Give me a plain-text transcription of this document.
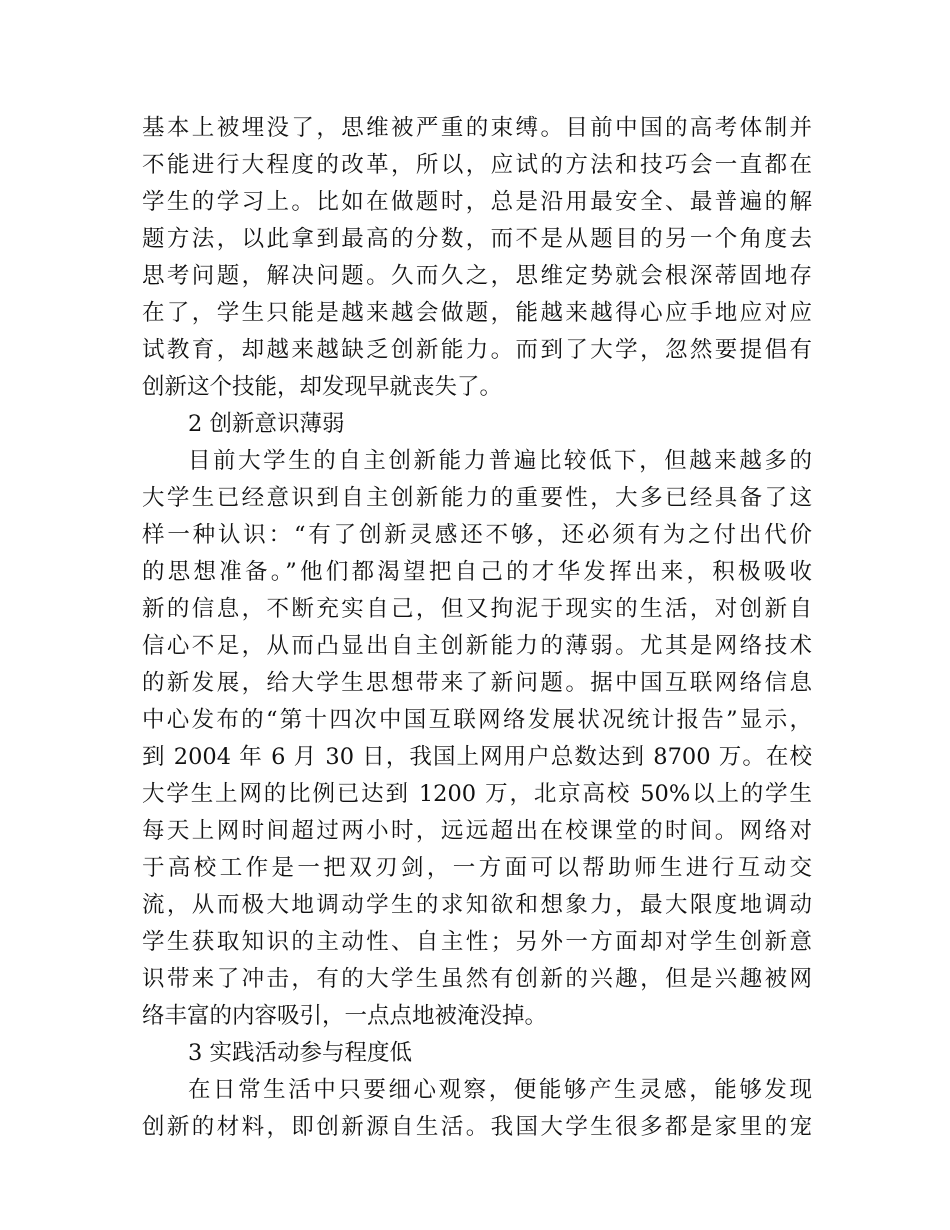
基本上被埋没了，思维被严重的束缚。目前中国的高考体制并
不能进行大程度的改革，所以，应试的方法和技巧会一直都在
学生的学习上。比如在做题时，总是沿用最安全、最普遍的解
题方法，以此拿到最高的分数，而不是从题目的另一个角度去
思考问题，解决问题。久而久之，思维定势就会根深蒂固地存
在了，学生只能是越来越会做题，能越来越得心应手地应对应
试教育，却越来越缺乏创新能力。而到了大学，忽然要提倡有
创新这个技能，却发现早就丧失了。
2 创新意识薄弱
目前大学生的自主创新能力普遍比较低下，但越来越多的
大学生已经意识到自主创新能力的重要性，大多已经具备了这
样一种认识：“有了创新灵感还不够，还必须有为之付出代价
的思想准备。”他们都渴望把自己的才华发挥出来，积极吸收
新的信息，不断充实自己，但又拘泥于现实的生活，对创新自
信心不足，从而凸显出自主创新能力的薄弱。尤其是网络技术
的新发展，给大学生思想带来了新问题。据中国互联网络信息
中心发布的“第十四次中国互联网络发展状况统计报告”显示，
到 2004 年 6 月 30 日，我国上网用户总数达到 8700 万。在校
大学生上网的比例已达到 1200 万，北京高校 50%以上的学生
每天上网时间超过两小时，远远超出在校课堂的时间。网络对
于高校工作是一把双刃剑，一方面可以帮助师生进行互动交
流，从而极大地调动学生的求知欲和想象力，最大限度地调动
学生获取知识的主动性、自主性；另外一方面却对学生创新意
识带来了冲击，有的大学生虽然有创新的兴趣，但是兴趣被网
络丰富的内容吸引，一点点地被淹没掉。
3 实践活动参与程度低
在日常生活中只要细心观察，便能够产生灵感，能够发现
创新的材料，即创新源自生活。我国大学生很多都是家里的宠
